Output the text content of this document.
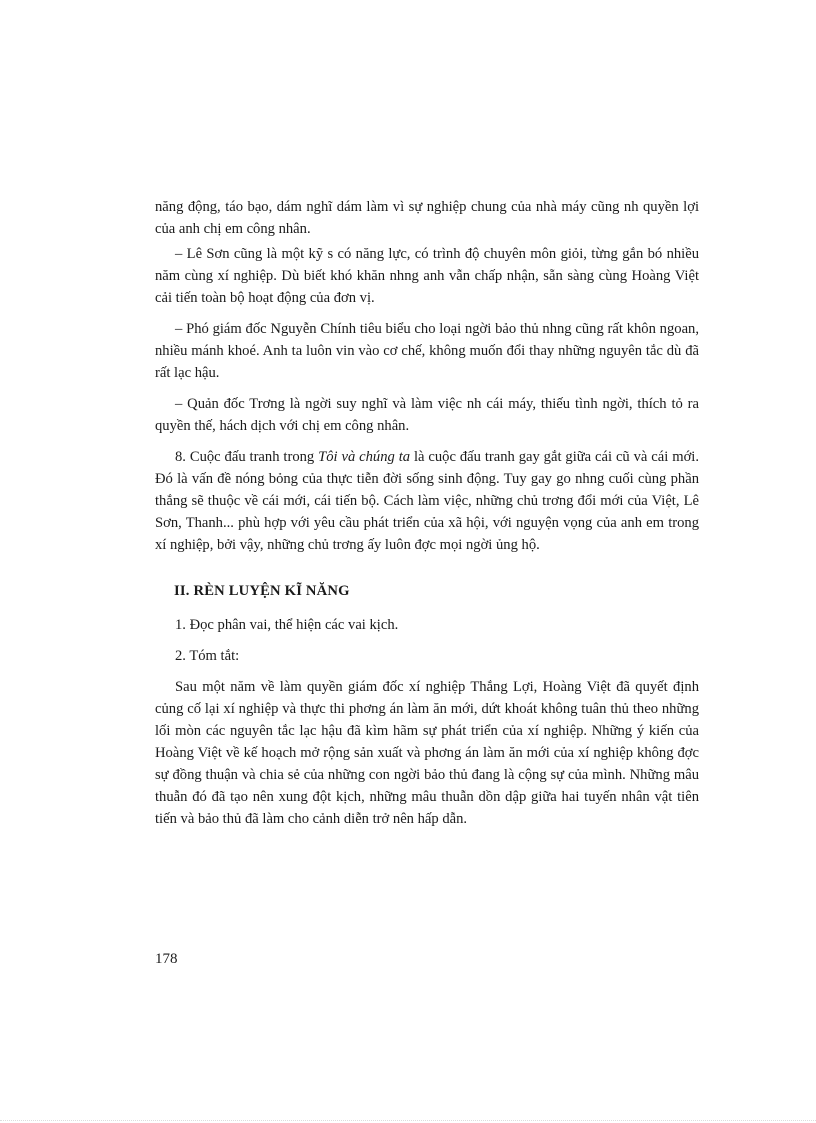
năng động, táo bạo, dám nghĩ dám làm vì sự nghiệp chung của nhà máy cũng nh quyền lợi của anh chị em công nhân.

– Lê Sơn cũng là một kỹ s có năng lực, có trình độ chuyên môn giỏi, từng gắn bó nhiều năm cùng xí nghiệp. Dù biết khó khăn nhng anh vẫn chấp nhận, sẵn sàng cùng Hoàng Việt cải tiến toàn bộ hoạt động của đơn vị.

– Phó giám đốc Nguyễn Chính tiêu biểu cho loại ngời bảo thủ nhng cũng rất khôn ngoan, nhiều mánh khoé. Anh ta luôn vin vào cơ chế, không muốn đổi thay những nguyên tắc dù đã rất lạc hậu.

– Quản đốc Trơng là ngời suy nghĩ và làm việc nh cái máy, thiếu tình ngời, thích tỏ ra quyền thế, hách dịch với chị em công nhân.

8. Cuộc đấu tranh trong Tôi và chúng ta là cuộc đấu tranh gay gắt giữa cái cũ và cái mới. Đó là vấn đề nóng bỏng của thực tiễn đời sống sinh động. Tuy gay go nhng cuối cùng phần thắng sẽ thuộc về cái mới, cái tiến bộ. Cách làm việc, những chủ trơng đổi mới của Việt, Lê Sơn, Thanh... phù hợp với yêu cầu phát triển của xã hội, với nguyện vọng của anh em trong xí nghiệp, bởi vậy, những chủ trơng ấy luôn đợc mọi ngời ủng hộ.

II. RÈN LUYỆN KĨ NĂNG

1. Đọc phân vai, thể hiện các vai kịch.

2. Tóm tắt:

Sau một năm về làm quyền giám đốc xí nghiệp Thắng Lợi, Hoàng Việt đã quyết định củng cố lại xí nghiệp và thực thi phơng án làm ăn mới, dứt khoát không tuân thủ theo những lối mòn các nguyên tắc lạc hậu đã kìm hãm sự phát triển của xí nghiệp. Những ý kiến của Hoàng Việt về kế hoạch mở rộng sản xuất và phơng án làm ăn mới của xí nghiệp không đợc sự đồng thuận và chia sẻ của những con ngời bảo thủ đang là cộng sự của mình. Những mâu thuẫn đó đã tạo nên xung đột kịch, những mâu thuẫn dồn dập giữa hai tuyến nhân vật tiên tiến và bảo thủ đã làm cho cảnh diễn trở nên hấp dẫn.

178
